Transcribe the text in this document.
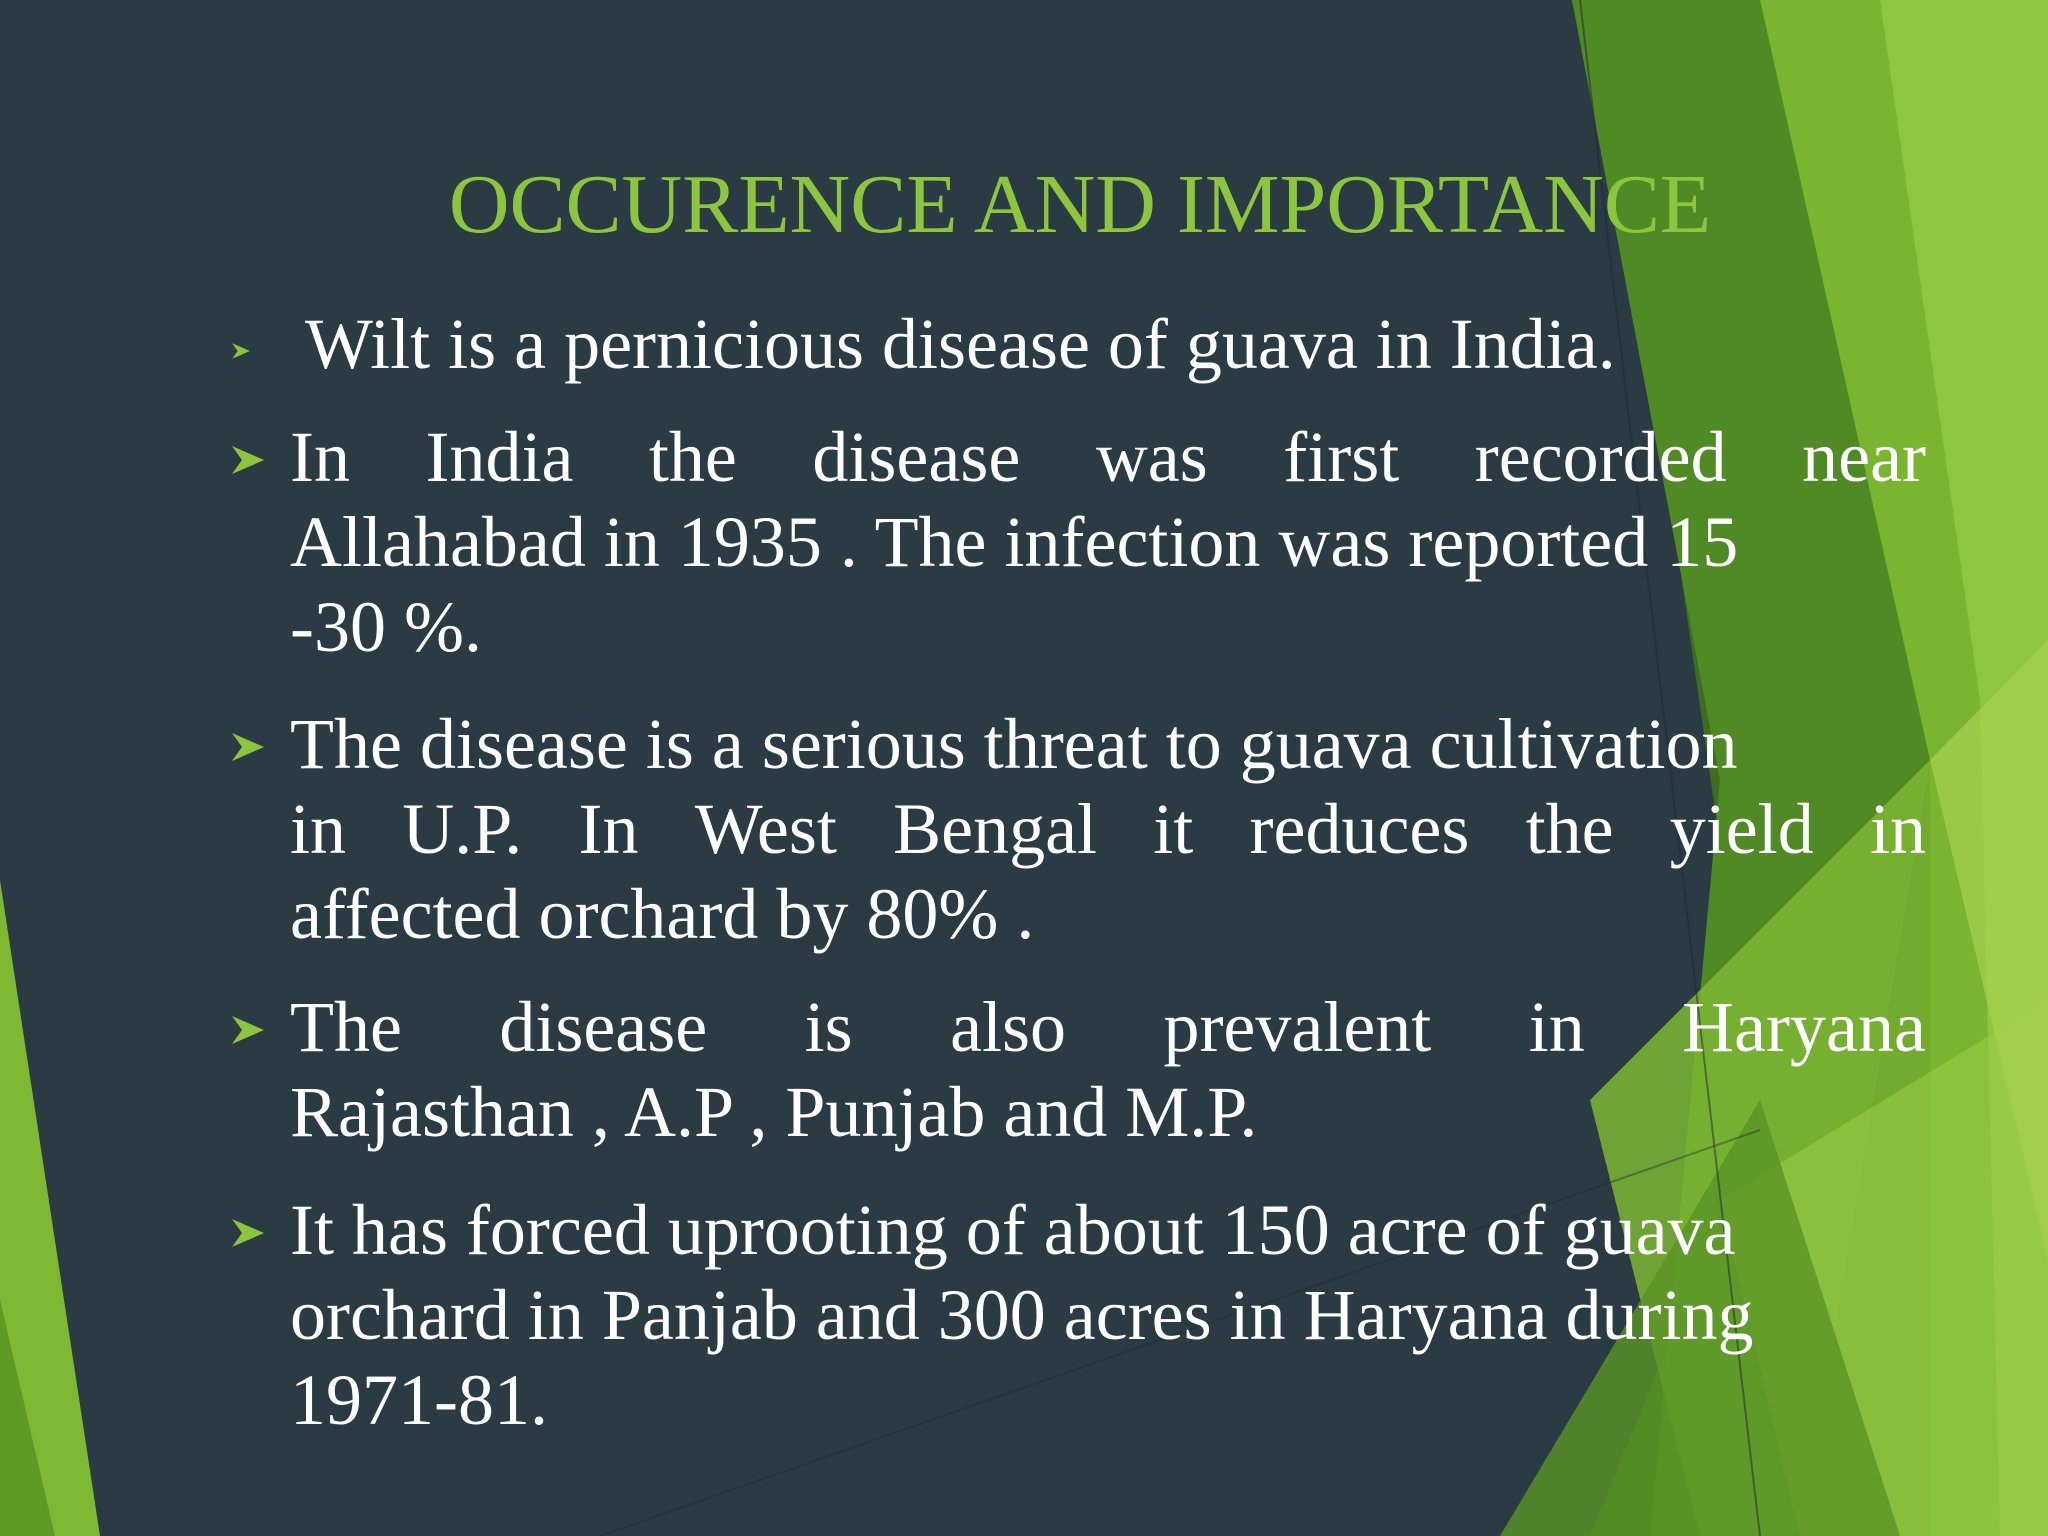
OCCURENCE AND IMPORTANCE
Wilt is a pernicious disease of guava in India.
In India the disease was first recorded near
Allahabad in 1935 . The infection was reported 15
-30 %.
The disease is a serious threat to guava cultivation
in U.P. In West Bengal it reduces the yield in
affected orchard by 80% .
The disease is also prevalent in Haryana
Rajasthan , A.P , Punjab and M.P.
It has forced uprooting of about 150 acre of guava
orchard in Panjab and 300 acres in Haryana during
1971-81.
